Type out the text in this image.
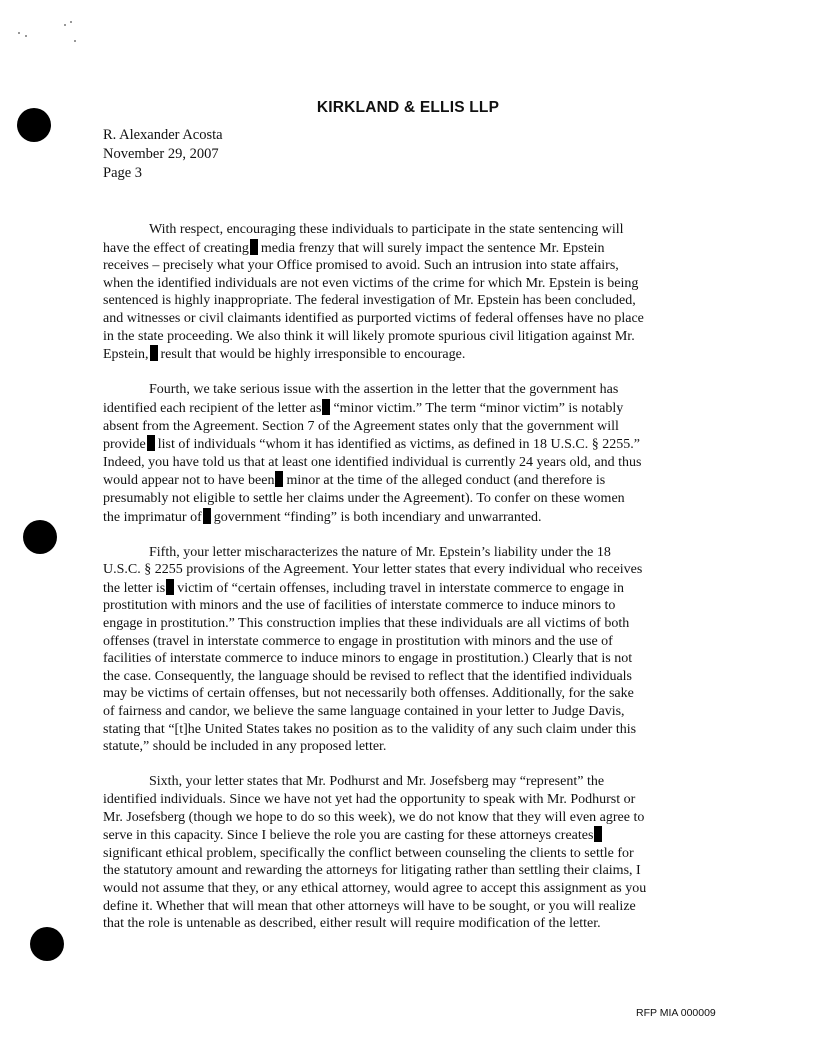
KIRKLAND & ELLIS LLP
R. Alexander Acosta
November 29, 2007
Page 3
With respect, encouraging these individuals to participate in the state sentencing will
have the effect of creating media frenzy that will surely impact the sentence Mr. Epstein
receives – precisely what your Office promised to avoid. Such an intrusion into state affairs,
when the identified individuals are not even victims of the crime for which Mr. Epstein is being
sentenced is highly inappropriate. The federal investigation of Mr. Epstein has been concluded,
and witnesses or civil claimants identified as purported victims of federal offenses have no place
in the state proceeding. We also think it will likely promote spurious civil litigation against Mr.
Epstein, result that would be highly irresponsible to encourage.
Fourth, we take serious issue with the assertion in the letter that the government has
identified each recipient of the letter as “minor victim.” The term “minor victim” is notably
absent from the Agreement. Section 7 of the Agreement states only that the government will
provide list of individuals “whom it has identified as victims, as defined in 18 U.S.C. § 2255.”
Indeed, you have told us that at least one identified individual is currently 24 years old, and thus
would appear not to have been minor at the time of the alleged conduct (and therefore is
presumably not eligible to settle her claims under the Agreement). To confer on these women
the imprimatur of government “finding” is both incendiary and unwarranted.
Fifth, your letter mischaracterizes the nature of Mr. Epstein’s liability under the 18
U.S.C. § 2255 provisions of the Agreement. Your letter states that every individual who receives
the letter is victim of “certain offenses, including travel in interstate commerce to engage in
prostitution with minors and the use of facilities of interstate commerce to induce minors to
engage in prostitution.” This construction implies that these individuals are all victims of both
offenses (travel in interstate commerce to engage in prostitution with minors and the use of
facilities of interstate commerce to induce minors to engage in prostitution.) Clearly that is not
the case. Consequently, the language should be revised to reflect that the identified individuals
may be victims of certain offenses, but not necessarily both offenses. Additionally, for the sake
of fairness and candor, we believe the same language contained in your letter to Judge Davis,
stating that “[t]he United States takes no position as to the validity of any such claim under this
statute,” should be included in any proposed letter.
Sixth, your letter states that Mr. Podhurst and Mr. Josefsberg may “represent” the
identified individuals. Since we have not yet had the opportunity to speak with Mr. Podhurst or
Mr. Josefsberg (though we hope to do so this week), we do not know that they will even agree to
serve in this capacity. Since I believe the role you are casting for these attorneys creates
significant ethical problem, specifically the conflict between counseling the clients to settle for
the statutory amount and rewarding the attorneys for litigating rather than settling their claims, I
would not assume that they, or any ethical attorney, would agree to accept this assignment as you
define it. Whether that will mean that other attorneys will have to be sought, or you will realize
that the role is untenable as described, either result will require modification of the letter.
RFP MIA 000009
